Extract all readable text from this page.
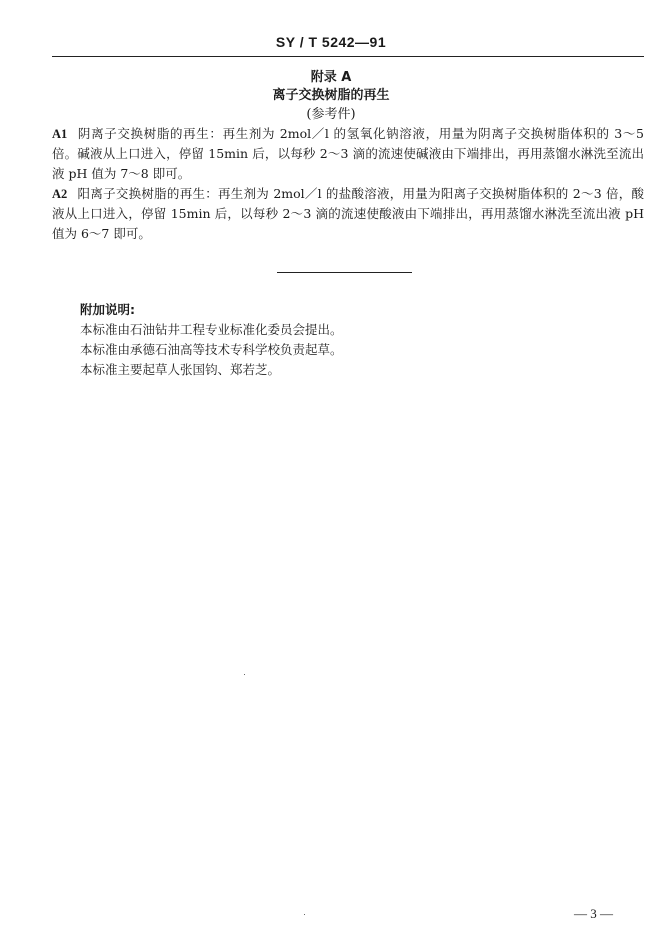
SY / T 5242—91
附录 A
离子交换树脂的再生
(参考件)
A1 阴离子交换树脂的再生：再生剂为 2mol／l 的氢氧化钠溶液，用量为阴离子交换树脂体积的 3～5 倍。碱液从上口进入，停留 15min 后，以每秒 2～3 滴的流速使碱液由下端排出，再用蒸馏水淋洗至流出液 pH 值为 7～8 即可。
A2 阳离子交换树脂的再生：再生剂为 2mol／l 的盐酸溶液，用量为阳离子交换树脂体积的 2～3 倍，酸液从上口进入，停留 15min 后，以每秒 2～3 滴的流速使酸液由下端排出，再用蒸馏水淋洗至流出液 pH 值为 6～7 即可。
附加说明:
本标准由石油钻井工程专业标准化委员会提出。
本标准由承德石油高等技术专科学校负责起草。
本标准主要起草人张国钧、郑若芝。
— 3 —
